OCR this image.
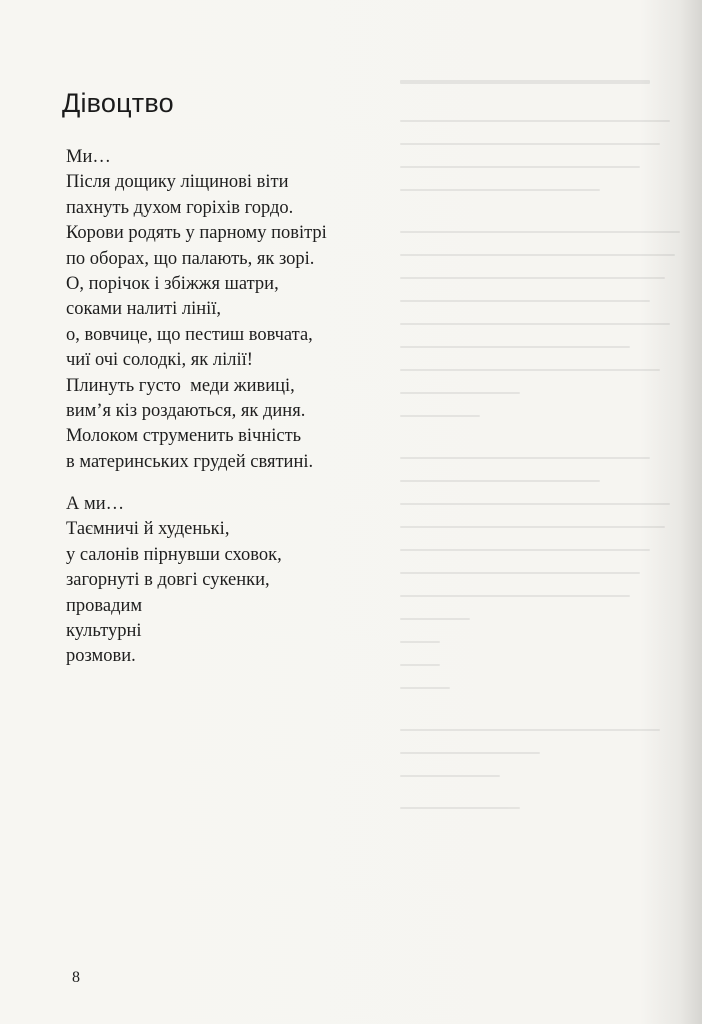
Дівоцтво
Ми…
Після дощику ліщинові віти
пахнуть духом горіхів гордо.
Корови родять у парному повітрі
по оборах, що палають, як зорі.
О, порічок і збіжжя шатри,
соками налиті лінії,
о, вовчице, що пестиш вовчата,
чиї очі солодкі, як лілії!
Плинуть густо  меди живиці,
вим’я кіз роздаються, як диня.
Молоком струменить вічність
в материнських грудей святині.
А ми…
Таємничі й худенькі,
у салонів пірнувши сховок,
загорнуті в довгі сукенки,
провадим
культурні
розмови.
8
